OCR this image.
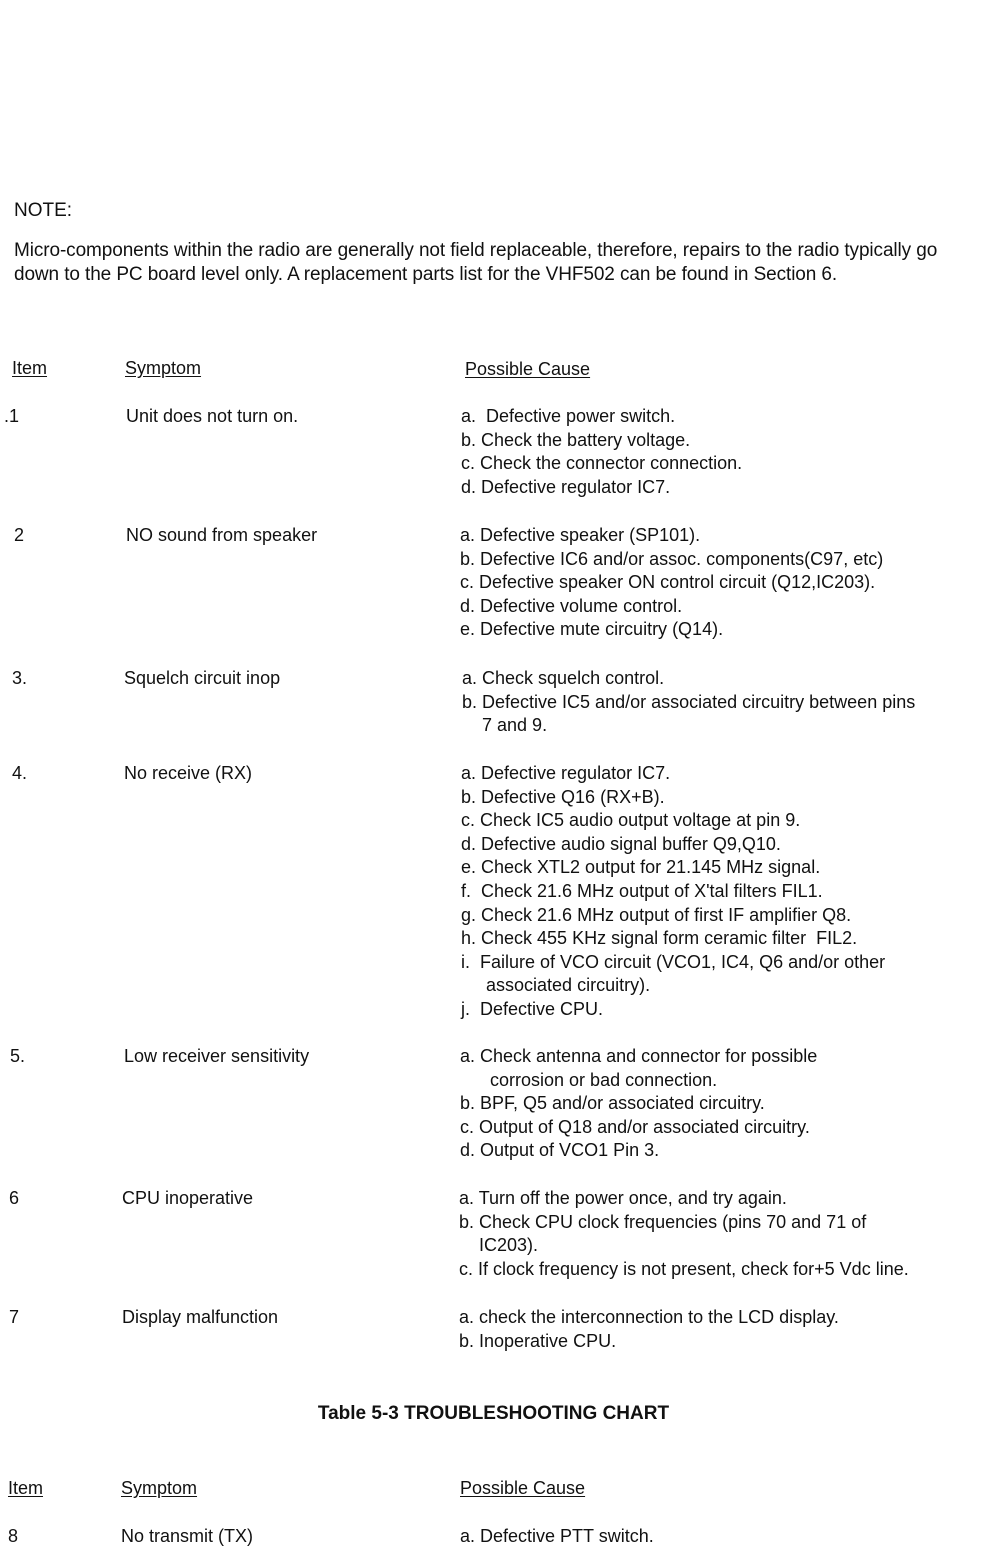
NOTE:
Micro-components within the radio are generally not field replaceable, therefore, repairs to the radio typically go down to the PC board level only. A replacement parts list for the VHF502 can be found in Section 6.
Item	Symptom	Possible Cause
.1	Unit does not turn on.	a.  Defective power switch.
b. Check the battery voltage.
c. Check the connector connection.
d. Defective regulator IC7.
2	NO sound from speaker	a. Defective speaker (SP101).
b. Defective IC6 and/or assoc. components(C97, etc)
c. Defective speaker ON control circuit (Q12,IC203).
d. Defective volume control.
e. Defective mute circuitry (Q14).
3.	Squelch circuit inop	a. Check squelch control.
b. Defective IC5 and/or associated circuitry between pins
7 and 9.
4.	No receive (RX)	a. Defective regulator IC7.
b. Defective Q16 (RX+B).
c. Check IC5 audio output voltage at pin 9.
d. Defective audio signal buffer Q9,Q10.
e. Check XTL2 output for 21.145 MHz signal.
f.  Check 21.6 MHz output of X'tal filters FIL1.
g. Check 21.6 MHz output of first IF amplifier Q8.
h. Check 455 KHz signal form ceramic filter  FIL2.
i.  Failure of VCO circuit (VCO1, IC4, Q6 and/or other
associated circuitry).
j.  Defective CPU.
5.	Low receiver sensitivity	a. Check antenna and connector for possible
corrosion or bad connection.
b. BPF, Q5 and/or associated circuitry.
c. Output of Q18 and/or associated circuitry.
d. Output of VCO1 Pin 3.
6	CPU inoperative	a. Turn off the power once, and try again.
b. Check CPU clock frequencies (pins 70 and 71 of
IC203).
c. If clock frequency is not present, check for+5 Vdc line.
7	Display malfunction	a. check the interconnection to the LCD display.
b. Inoperative CPU.
Table 5-3 TROUBLESHOOTING CHART
Item	Symptom	Possible Cause
8	No transmit (TX)	a. Defective PTT switch.
